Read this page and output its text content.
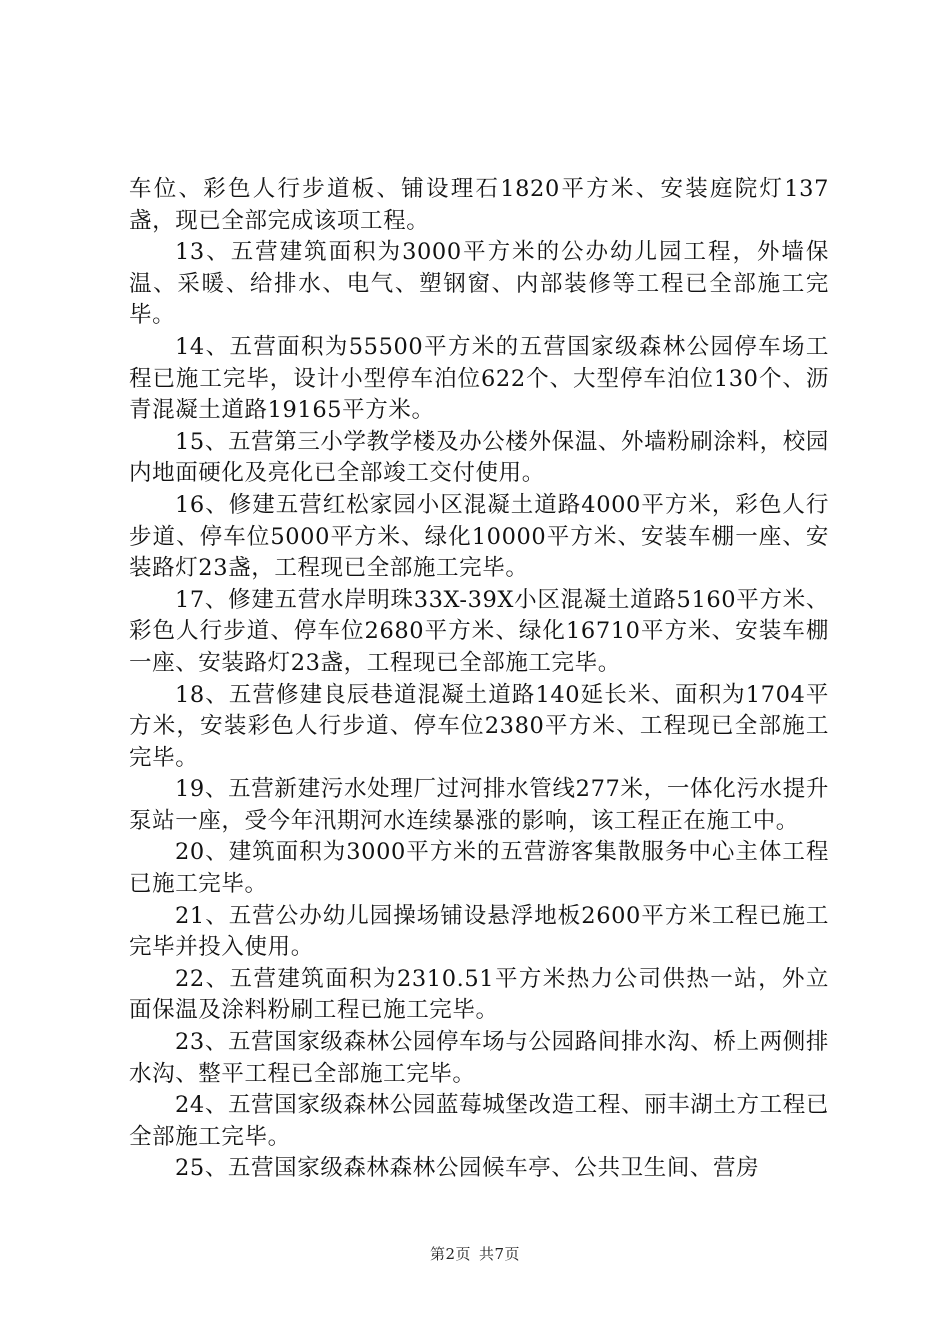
车位、彩色人行步道板、铺设理石1820平方米、安装庭院灯137盏，现已全部完成该项工程。

13、五营建筑面积为3000平方米的公办幼儿园工程，外墙保温、采暖、给排水、电气、塑钢窗、内部装修等工程已全部施工完毕。

14、五营面积为55500平方米的五营国家级森林公园停车场工程已施工完毕，设计小型停车泊位622个、大型停车泊位130个、沥青混凝土道路19165平方米。

15、五营第三小学教学楼及办公楼外保温、外墙粉刷涂料，校园内地面硬化及亮化已全部竣工交付使用。

16、修建五营红松家园小区混凝土道路4000平方米，彩色人行步道、停车位5000平方米、绿化10000平方米、安装车棚一座、安装路灯23盏，工程现已全部施工完毕。

17、修建五营水岸明珠33X-39X小区混凝土道路5160平方米、彩色人行步道、停车位2680平方米、绿化16710平方米、安装车棚一座、安装路灯23盏，工程现已全部施工完毕。

18、五营修建良辰巷道混凝土道路140延长米、面积为1704平方米，安装彩色人行步道、停车位2380平方米、工程现已全部施工完毕。

19、五营新建污水处理厂过河排水管线277米，一体化污水提升泵站一座，受今年汛期河水连续暴涨的影响，该工程正在施工中。

20、建筑面积为3000平方米的五营游客集散服务中心主体工程已施工完毕。

21、五营公办幼儿园操场铺设悬浮地板2600平方米工程已施工完毕并投入使用。

22、五营建筑面积为2310.51平方米热力公司供热一站，外立面保温及涂料粉刷工程已施工完毕。

23、五营国家级森林公园停车场与公园路间排水沟、桥上两侧排水沟、整平工程已全部施工完毕。

24、五营国家级森林公园蓝莓城堡改造工程、丽丰湖土方工程已全部施工完毕。

25、五营国家级森林森林公园候车亭、公共卫生间、营房

第2页 共7页
